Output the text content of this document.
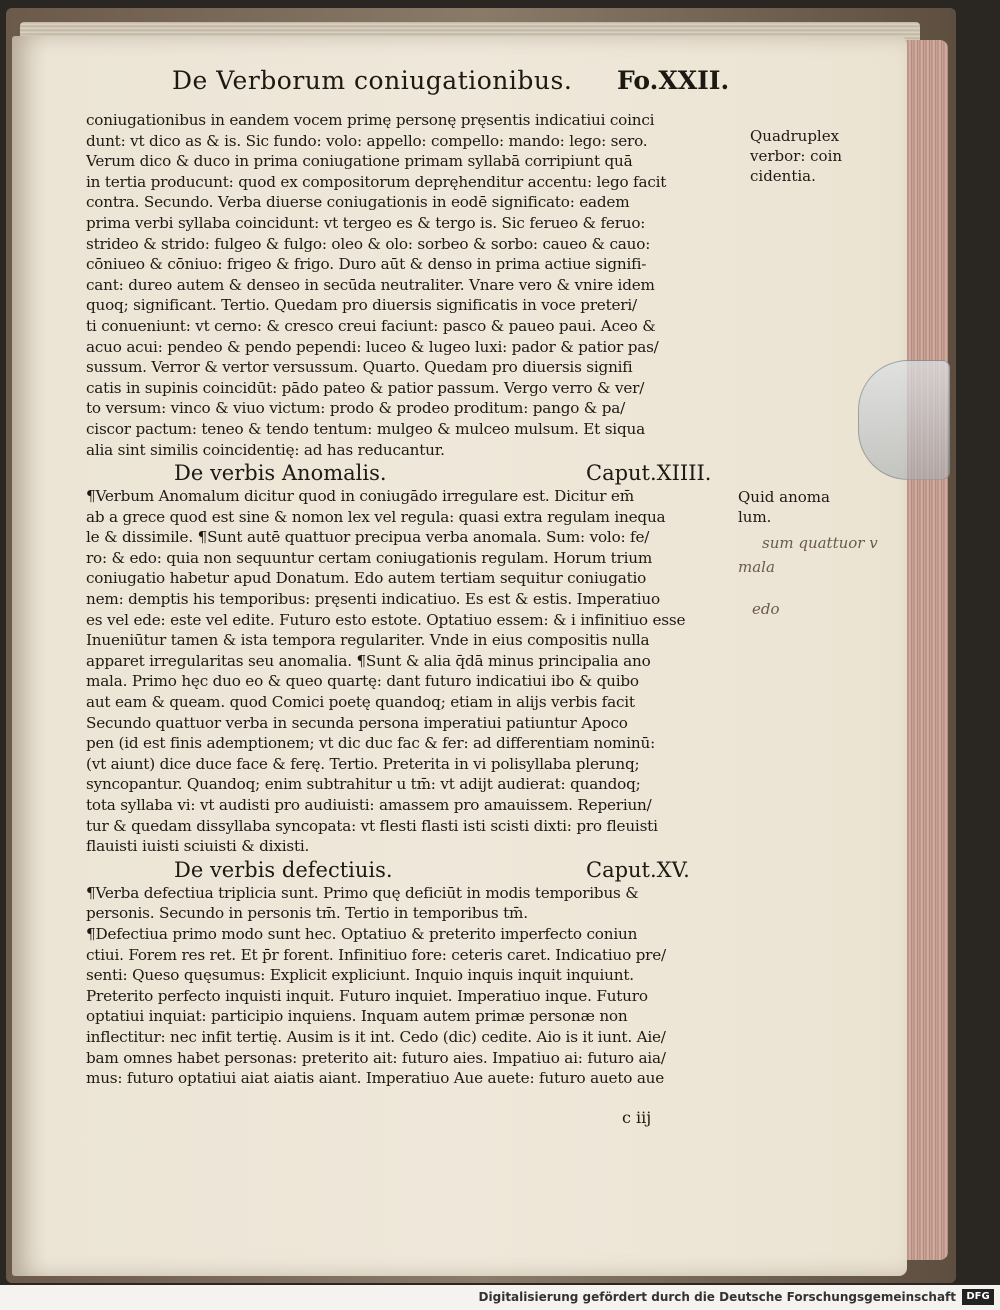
De Verborum coniugationibus. Fo.XXII.
coniugationibus in eandem vocem primę personę pręsentis indicatiui coinci
dunt: vt dico as & is. Sic fundo: volo: appello: compello: mando: lego: sero.
Verum dico & duco in prima coniugatione primam syllabā corripiunt quā
in tertia producunt: quod ex compositorum depręhenditur accentu: lego facit
contra. Secundo. Verba diuerse coniugationis in eodē significato: eadem
prima verbi syllaba coincidunt: vt tergeo es & tergo is. Sic ferueo & feruo:
strideo & strido: fulgeo & fulgo: oleo & olo: sorbeo & sorbo: caueo & cauo:
cōniueo & cōniuo: frigeo & frigo. Duro aūt & denso in prima actiue signifi-
cant: dureo autem & denseo in secūda neutraliter. Vnare vero & vnire idem
quoq; significant. Tertio. Quedam pro diuersis significatis in voce preteri/
ti conueniunt: vt cerno: & cresco creui faciunt: pasco & paueo paui. Aceo &
acuo acui: pendeo & pendo pependi: luceo & lugeo luxi: pador & patior pas/
sussum. Verror & vertor versussum. Quarto. Quedam pro diuersis signifi
catis in supinis coincidūt: pādo pateo & patior passum. Vergo verro & ver/
to versum: vinco & viuo victum: prodo & prodeo proditum: pango & pa/
ciscor pactum: teneo & tendo tentum: mulgeo & mulceo mulsum. Et siqua
alia sint similis coincidentię: ad has reducantur.
De verbis Anomalis.	Caput.XIIII.
¶Verbum Anomalum dicitur quod in coniugādo irregulare est. Dicitur em̄
ab a grece quod est sine & nomon lex vel regula: quasi extra regulam inequa
le & dissimile. ¶Sunt autē quattuor precipua verba anomala. Sum: volo: fe/
ro: & edo: quia non sequuntur certam coniugationis regulam. Horum trium
coniugatio habetur apud Donatum. Edo autem tertiam sequitur coniugatio
nem: demptis his temporibus: pręsenti indicatiuo. Es est & estis. Imperatiuo
es vel ede: este vel edite. Futuro esto estote. Optatiuo essem: & i infinitiuo esse
Inueniūtur tamen & ista tempora regulariter. Vnde in eius compositis nulla
apparet irregularitas seu anomalia. ¶Sunt & alia q̄dā minus principalia ano
mala. Primo hęc duo eo & queo quartę: dant futuro indicatiui ibo & quibo
aut eam & queam. quod Comici poetę quandoq; etiam in alijs verbis facit
Secundo quattuor verba in secunda persona imperatiui patiuntur Apoco
pen (id est finis ademptionem; vt dic duc fac & fer: ad differentiam nominū:
(vt aiunt) dice duce face & ferę. Tertio. Preterita in vi polisyllaba plerunq;
syncopantur. Quandoq; enim subtrahitur u tm̄: vt adijt audierat: quandoq;
tota syllaba vi: vt audisti pro audiuisti: amassem pro amauissem. Reperiun/
tur & quedam dissyllaba syncopata: vt flesti flasti isti scisti dixti: pro fleuisti
flauisti iuisti sciuisti & dixisti.
De verbis defectiuis.	Caput.XV.
¶Verba defectiua triplicia sunt. Primo quę deficiūt in modis temporibus &
personis. Secundo in personis tm̄. Tertio in temporibus tm̄.
¶Defectiua primo modo sunt hec. Optatiuo & preterito imperfecto coniun
ctiui. Forem res ret. Et p̄r forent. Infinitiuo fore: ceteris caret. Indicatiuo pre/
senti: Queso quęsumus: Explicit expliciunt. Inquio inquis inquit inquiunt.
Preterito perfecto inquisti inquit. Futuro inquiet. Imperatiuo inque. Futuro
optatiui inquiat: participio inquiens. Inquam autem primæ personæ non
inflectitur: nec infit tertię. Ausim is it int. Cedo (dic) cedite. Aio is it iunt. Aie/
bam omnes habet personas: preterito ait: futuro aies. Impatiuo ai: futuro aia/
mus: futuro optatiui aiat aiatis aiant. Imperatiuo Aue auete: futuro aueto aue
Quadruplex
verbor: coin
cidentia.
Quid anoma
lum.
sum quattuor v
mala
edo
c iij
Digitalisierung gefördert durch die Deutsche Forschungsgemeinschaft	DFG
